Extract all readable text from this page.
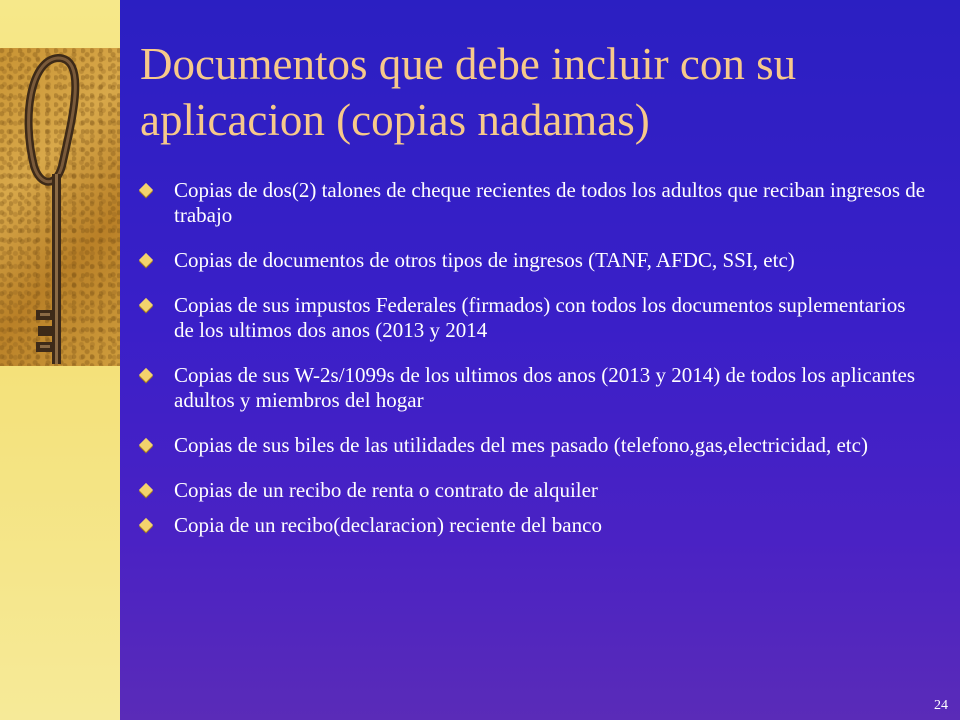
Documentos que debe incluir con su aplicacion (copias nadamas)
Copias de dos(2) talones de cheque recientes de todos los adultos que reciban ingresos de trabajo
Copias de documentos de otros tipos de ingresos (TANF, AFDC, SSI, etc)
Copias de sus impustos Federales (firmados) con todos los documentos suplementarios de los ultimos dos anos (2013 y 2014
Copias de sus W-2s/1099s de los ultimos dos anos (2013 y 2014) de todos los aplicantes adultos y miembros del hogar
Copias de sus biles de las utilidades del mes pasado (telefono,gas,electricidad, etc)
Copias de un recibo de renta o contrato de alquiler
Copia de un recibo(declaracion) reciente del banco
24
